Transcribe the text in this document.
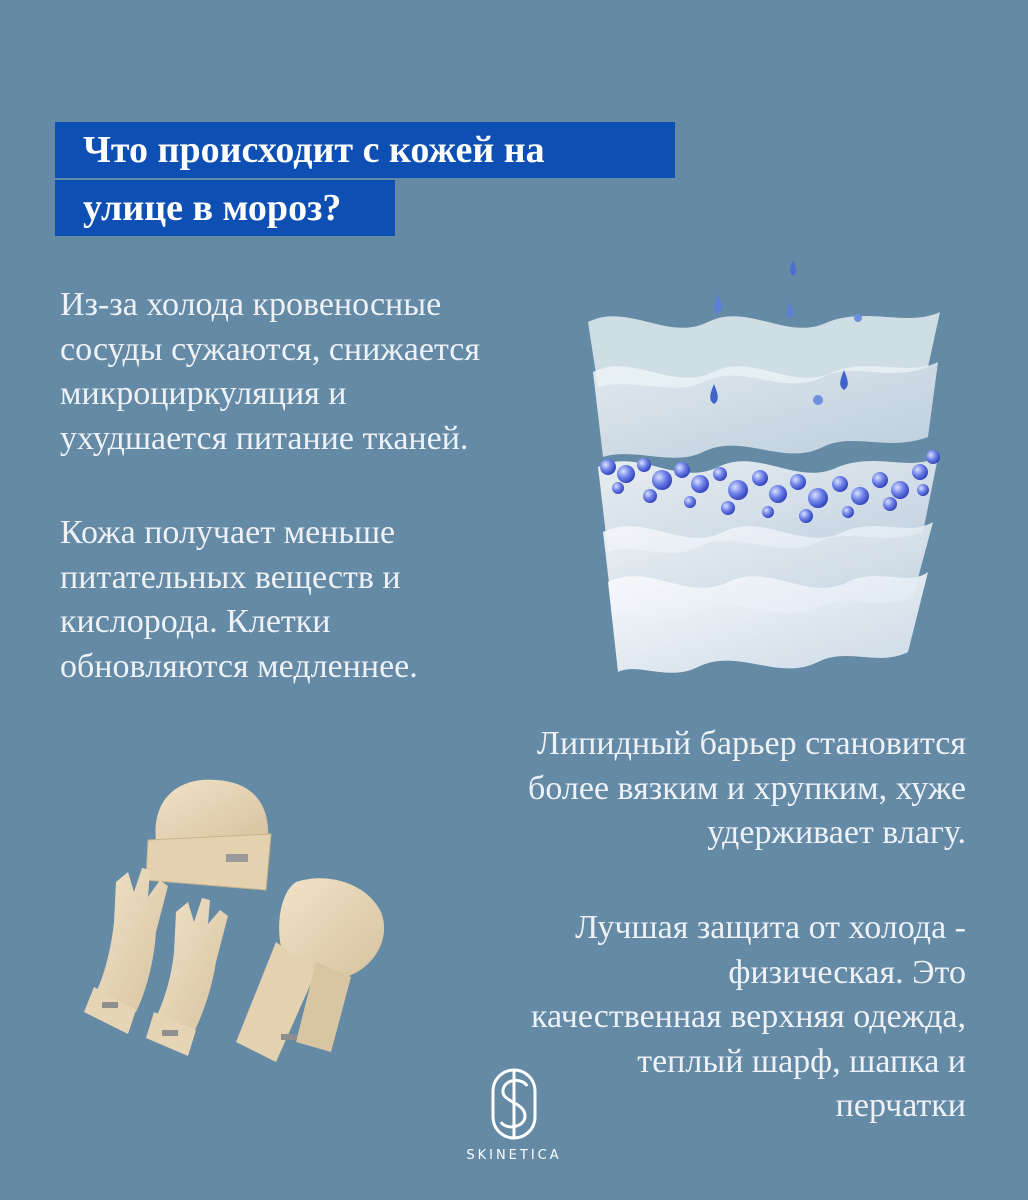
Что происходит с кожей на
улице в мороз?
Из-за холода кровеносные
сосуды сужаются, снижается
микроциркуляция и
ухудшается питание тканей.
Кожа получает меньше
питательных веществ и
кислорода. Клетки
обновляются медленнее.
Липидный барьер становится
более вязким и хрупким, хуже
удерживает влагу.
Лучшая защита от холода -
физическая. Это
качественная верхняя одежда,
теплый шарф, шапка и
перчатки
SKINETICA
